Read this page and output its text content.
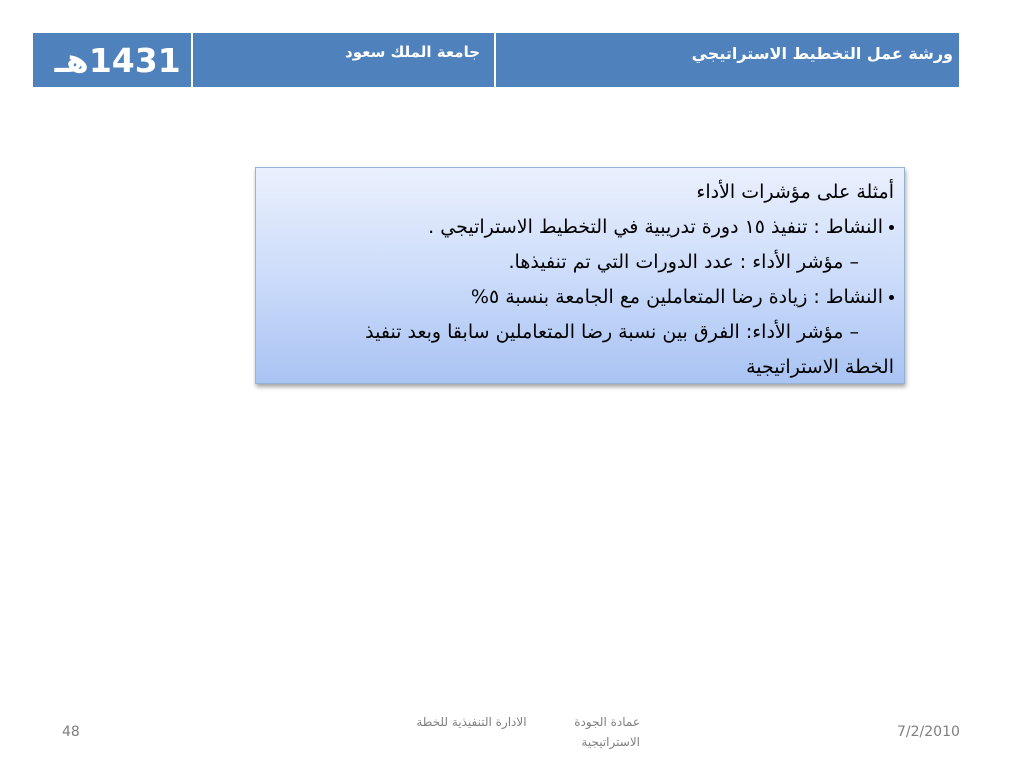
1431هـ	جامعة الملك سعود	ورشة عمل التخطيط الاستراتيجي

أمثلة على مؤشرات الأداء

النشاط : تنفيذ ١٥ دورة تدريبية في التخطيط الاستراتيجي .

– مؤشر الأداء : عدد الدورات التي تم تنفيذها.

النشاط : زيادة رضا المتعاملين مع الجامعة بنسبة ٥%

– مؤشر الأداء: الفرق بين نسبة رضا المتعاملين سابقا وبعد تنفيذ

الخطة الاستراتيجية

7/2/2010
عمادة الجودة  الادارة التنفيذية للخطة الاستراتيجية
48
